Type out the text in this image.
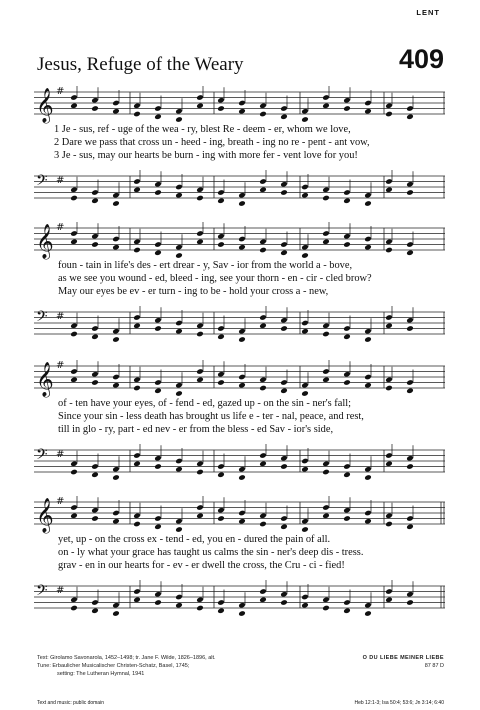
LENT
Jesus, Refuge of the Weary	409
𝄞 #
1 Je - sus, ref - uge of the wea - ry, blest Re - deem - er, whom we love,
2 Dare we pass that cross un - heed - ing, breath - ing no re - pent - ant vow,
3 Je - sus, may our hearts be burn - ing with more fer - vent love for you!
𝄢 #
𝄞 #
foun - tain in life's des - ert drear - y, Sav - ior from the world a - bove,
as we see you wound - ed, bleed - ing, see your thorn - en - cir - cled brow?
May our eyes be ev - er turn - ing to be - hold your cross a - new,
𝄢 #
𝄞 #
of - ten have your eyes, of - fend - ed, gazed up - on the sin - ner's fall;
Since your sin - less death has brought us life e - ter - nal, peace, and rest,
till in glo - ry, part - ed nev - er from the bless - ed Sav - ior's side,
𝄢 #
𝄞 #
yet, up - on the cross ex - tend - ed, you en - dured the pain of all.
on - ly what your grace has taught us calms the sin - ner's deep dis - tress.
grav - en in our hearts for - ev - er dwell the cross, the Cru - ci - fied!
𝄢 #
Text: Girolamo Savonarola, 1452–1498; tr. Jane F. Wilde, 1826–1896, alt.
Tune: Erbaulicher Musicalischer Christen-Schatz, Basel, 1745;
setting: The Lutheran Hymnal, 1941
O DU LIEBE MEINER LIEBE
87 87 D
Text and music: public domain	Heb 12:1-3; Isa 50:4; 53:6; Jn 3:14; 6:40
